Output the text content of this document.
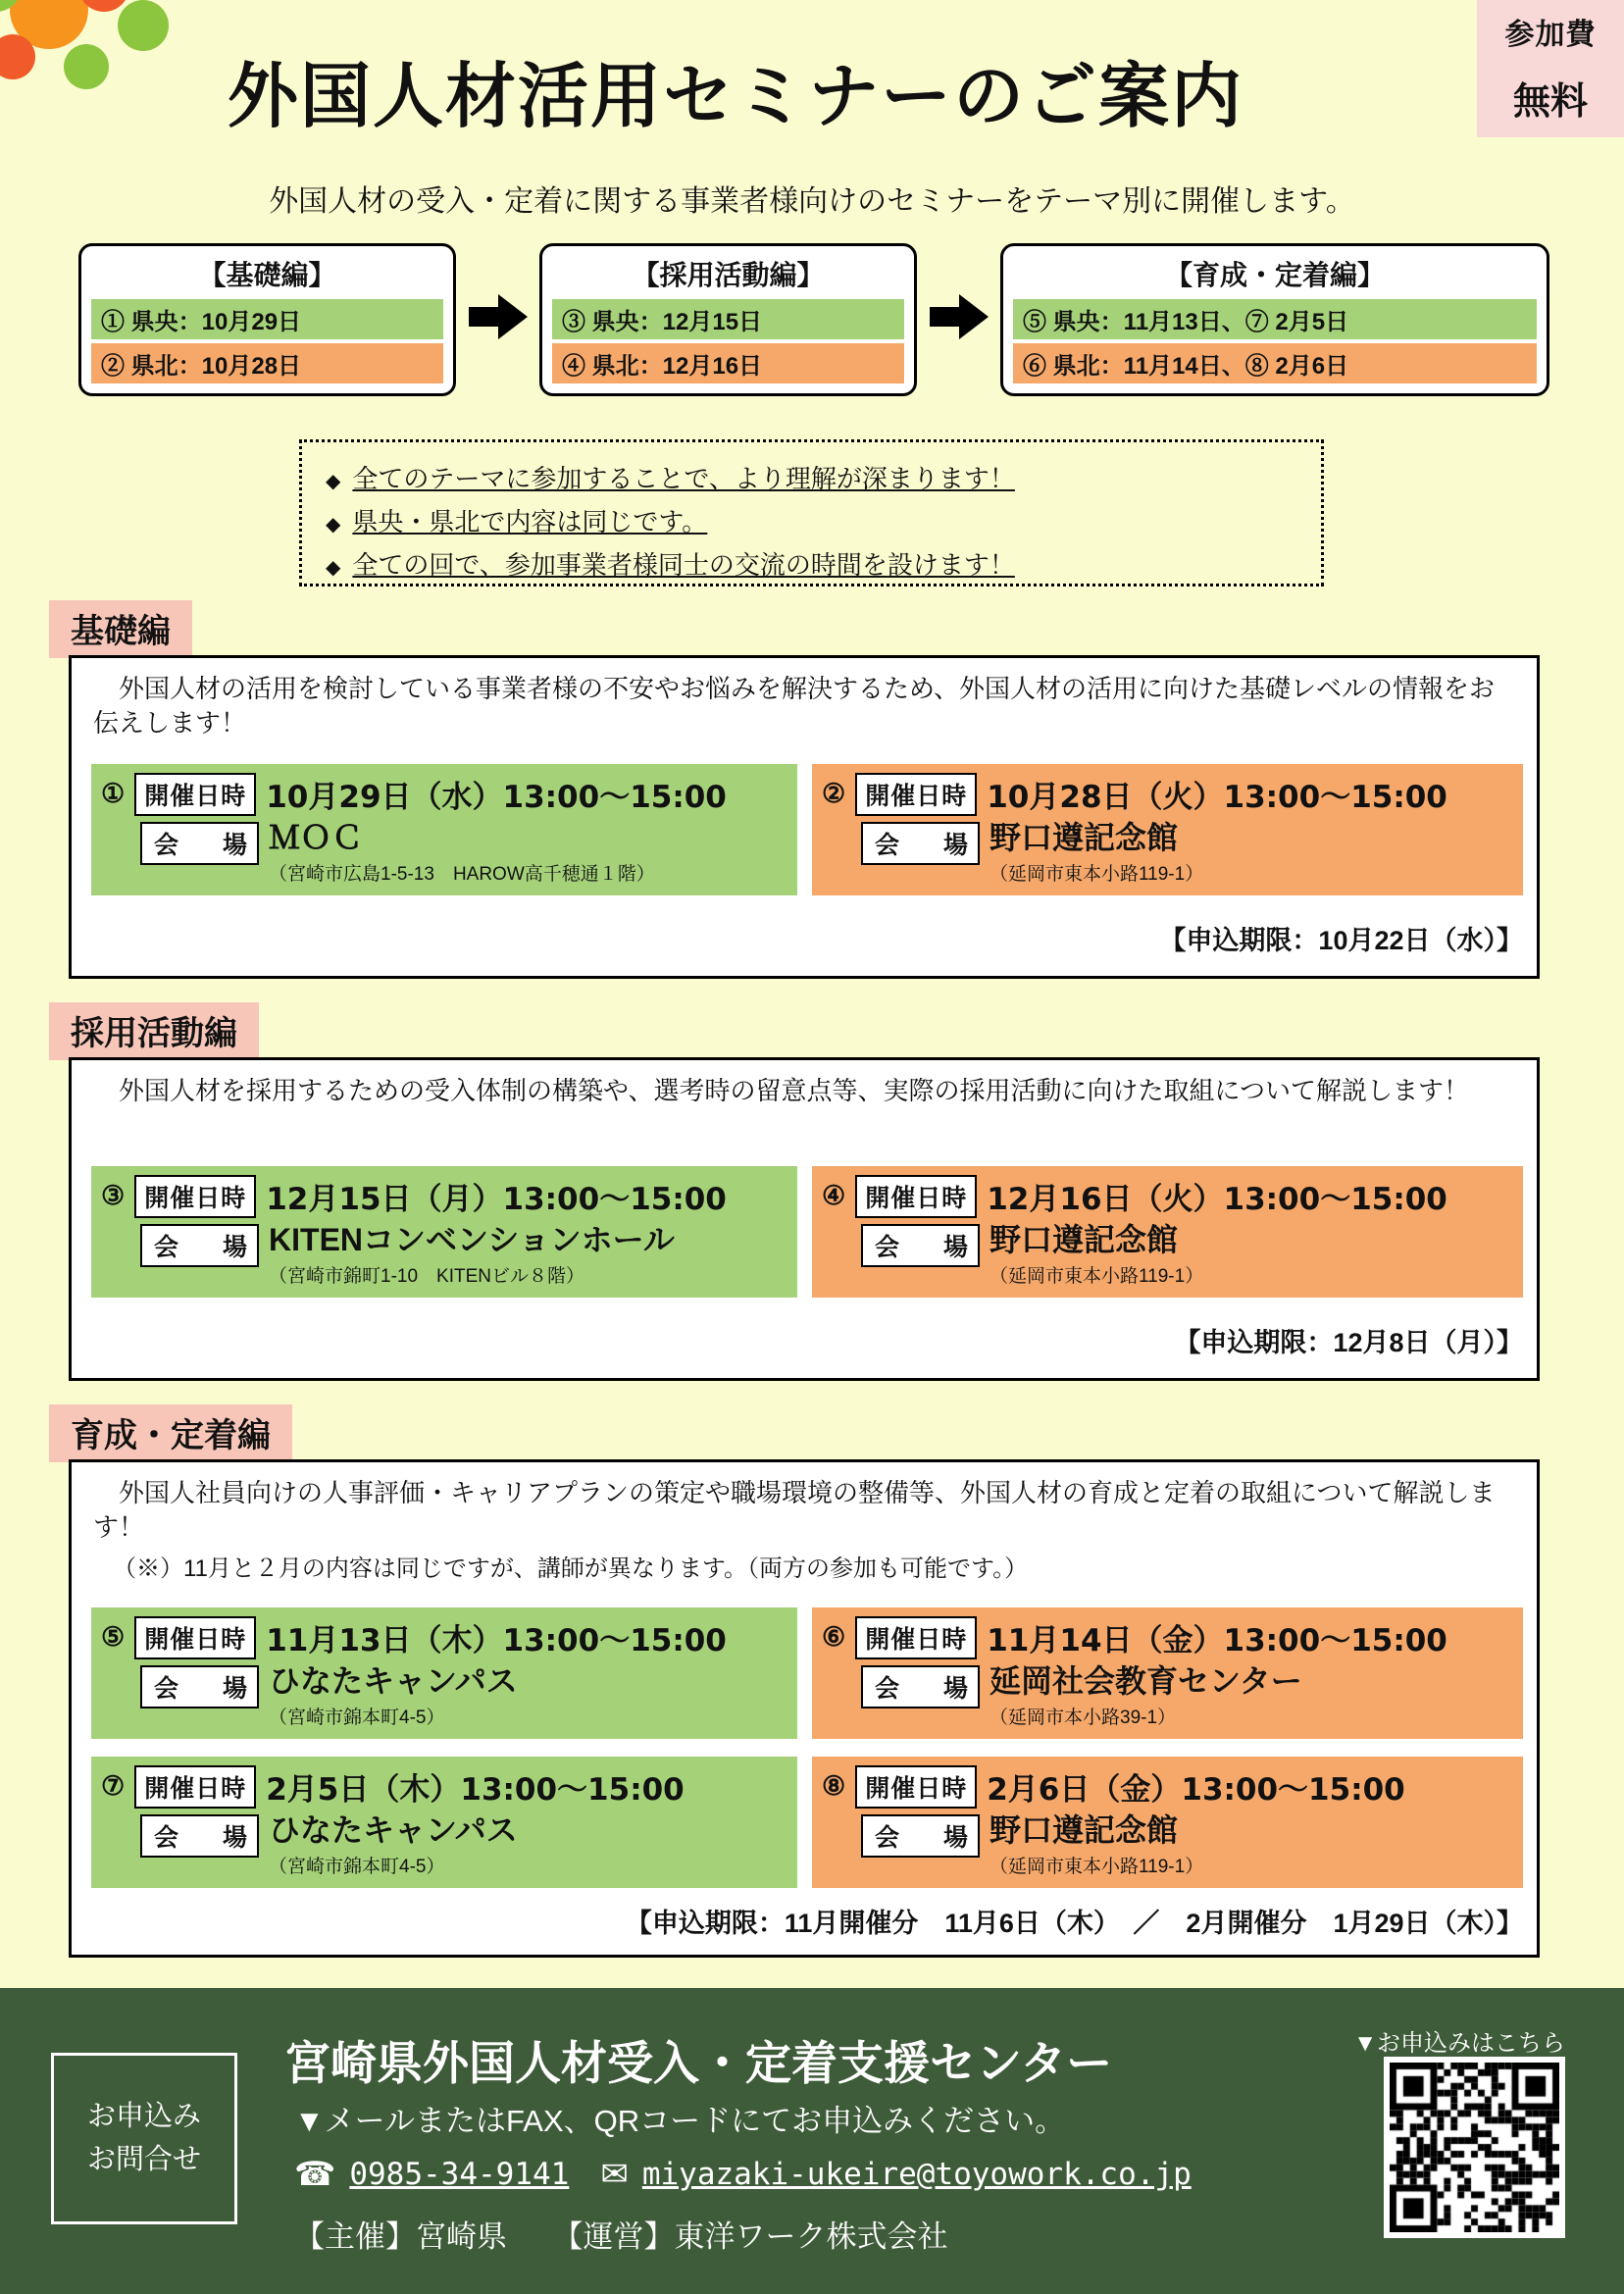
参加費
無料
外国人材活用セミナーのご案内
外国人材の受入・定着に関する事業者様向けのセミナーをテーマ別に開催します。
【基礎編】
① 県央：10月29日
② 県北：10月28日
【採用活動編】
③ 県央：12月15日
④ 県北：12月16日
【育成・定着編】
⑤ 県央：11月13日、⑦ 2月5日
⑥ 県北：11月14日、⑧ 2月6日
◆ 全てのテーマに参加することで、より理解が深まります！
◆ 県央・県北で内容は同じです。
◆ 全ての回で、参加事業者様同士の交流の時間を設けます！
基礎編
外国人材の活用を検討している事業者様の不安やお悩みを解決するため、外国人材の活用に向けた基礎レベルの情報をお伝えします！
① 開催日時 10月29日（水）13:00〜15:00
会　場 ＭＯＣ
（宮崎市広島1-5-13　HAROW高千穂通１階）
② 開催日時 10月28日（火）13:00〜15:00
会　場 野口遵記念館
（延岡市東本小路119-1）
【申込期限：10月22日（水）】
採用活動編
外国人材を採用するための受入体制の構築や、選考時の留意点等、実際の採用活動に向けた取組について解説します！
③ 開催日時 12月15日（月）13:00〜15:00
会　場 KITENコンベンションホール
（宮崎市錦町1-10　KITENビル８階）
④ 開催日時 12月16日（火）13:00〜15:00
会　場 野口遵記念館
（延岡市東本小路119-1）
【申込期限：12月8日（月）】
育成・定着編
外国人社員向けの人事評価・キャリアプランの策定や職場環境の整備等、外国人材の育成と定着の取組について解説します！
（※）11月と２月の内容は同じですが、講師が異なります。（両方の参加も可能です。）
⑤ 開催日時 11月13日（木）13:00〜15:00
会　場 ひなたキャンパス
（宮崎市錦本町4-5）
⑥ 開催日時 11月14日（金）13:00〜15:00
会　場 延岡社会教育センター
（延岡市本小路39-1）
⑦ 開催日時 2月5日（木）13:00〜15:00
会　場 ひなたキャンパス
（宮崎市錦本町4-5）
⑧ 開催日時 2月6日（金）13:00〜15:00
会　場 野口遵記念館
（延岡市東本小路119-1）
【申込期限：11月開催分　11月6日（木）　／　2月開催分　1月29日（木）】
お申込み
お問合せ
宮崎県外国人材受入・定着支援センター
▼メールまたはFAX、QRコードにてお申込みください。
☎ 0985-34-9141 ✉ miyazaki-ukeire@toyowork.co.jp
【主催】宮崎県　　【運営】東洋ワーク株式会社
▼お申込みはこちら
